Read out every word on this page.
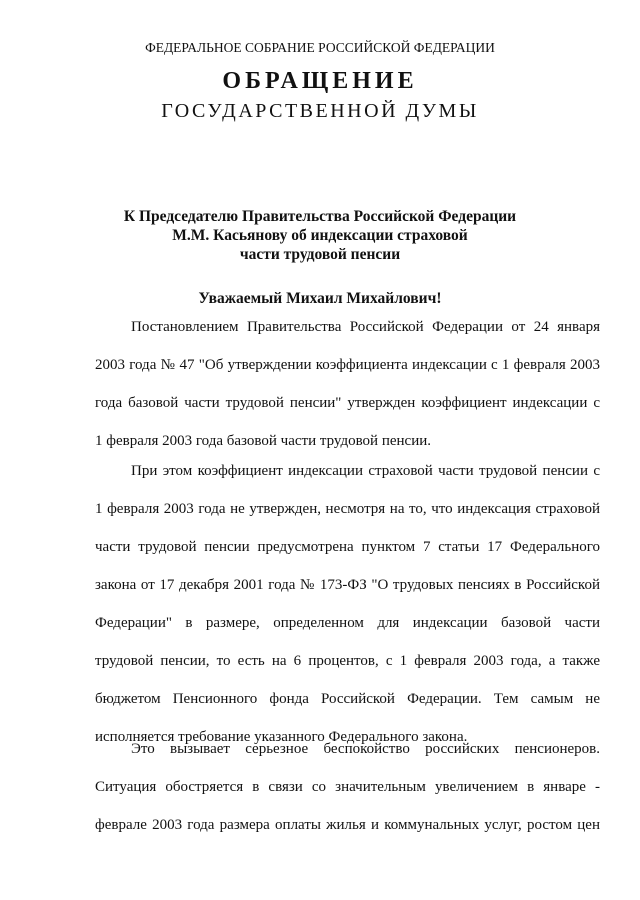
ФЕДЕРАЛЬНОЕ СОБРАНИЕ РОССИЙСКОЙ ФЕДЕРАЦИИ
ОБРАЩЕНИЕ
ГОСУДАРСТВЕННОЙ ДУМЫ
К Председателю Правительства Российской Федерации
М.М. Касьянову об индексации страховой
части трудовой пенсии
Уважаемый Михаил Михайлович!
Постановлением Правительства Российской Федерации от 24 января
2003 года № 47 "Об утверждении коэффициента индексации с 1 февраля 2003
года базовой части трудовой пенсии" утвержден коэффициент индексации с
1 февраля 2003 года базовой части трудовой пенсии.
При этом коэффициент индексации страховой части трудовой пенсии с
1 февраля 2003 года не утвержден, несмотря на то, что индексация страховой
части трудовой пенсии предусмотрена пунктом 7 статьи 17 Федерального
закона от 17 декабря 2001 года № 173-ФЗ "О трудовых пенсиях в Российской
Федерации" в размере, определенном для индексации базовой части
трудовой пенсии, то есть на 6 процентов, с 1 февраля 2003 года, а также
бюджетом Пенсионного фонда Российской Федерации. Тем самым не
исполняется требование указанного Федерального закона.
Это вызывает серьезное беспокойство российских пенсионеров.
Ситуация обостряется в связи со значительным увеличением в январе -
феврале 2003 года размера оплаты жилья и коммунальных услуг, ростом цен
